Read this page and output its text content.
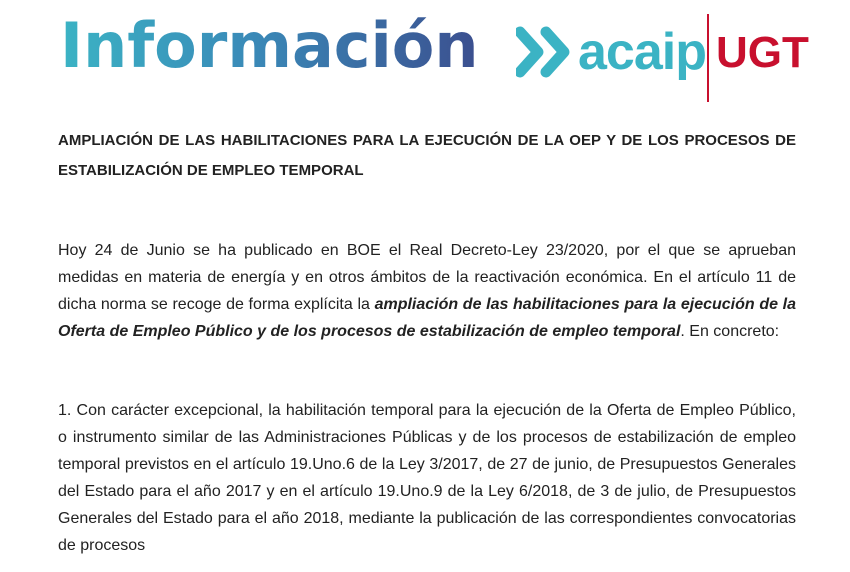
Información acaip UGT
AMPLIACIÓN DE LAS HABILITACIONES PARA LA EJECUCIÓN DE LA OEP Y DE LOS PROCESOS DE ESTABILIZACIÓN DE EMPLEO TEMPORAL
Hoy 24 de Junio se ha publicado en BOE el Real Decreto-Ley 23/2020, por el que se aprueban medidas en materia de energía y en otros ámbitos de la reactivación económica. En el artículo 11 de dicha norma se recoge de forma explícita la ampliación de las habilitaciones para la ejecución de la Oferta de Empleo Público y de los procesos de estabilización de empleo temporal. En concreto:
1. Con carácter excepcional, la habilitación temporal para la ejecución de la Oferta de Empleo Público, o instrumento similar de las Administraciones Públicas y de los procesos de estabilización de empleo temporal previstos en el artículo 19.Uno.6 de la Ley 3/2017, de 27 de junio, de Presupuestos Generales del Estado para el año 2017 y en el artículo 19.Uno.9 de la Ley 6/2018, de 3 de julio, de Presupuestos Generales del Estado para el año 2018, mediante la publicación de las correspondientes convocatorias de procesos
